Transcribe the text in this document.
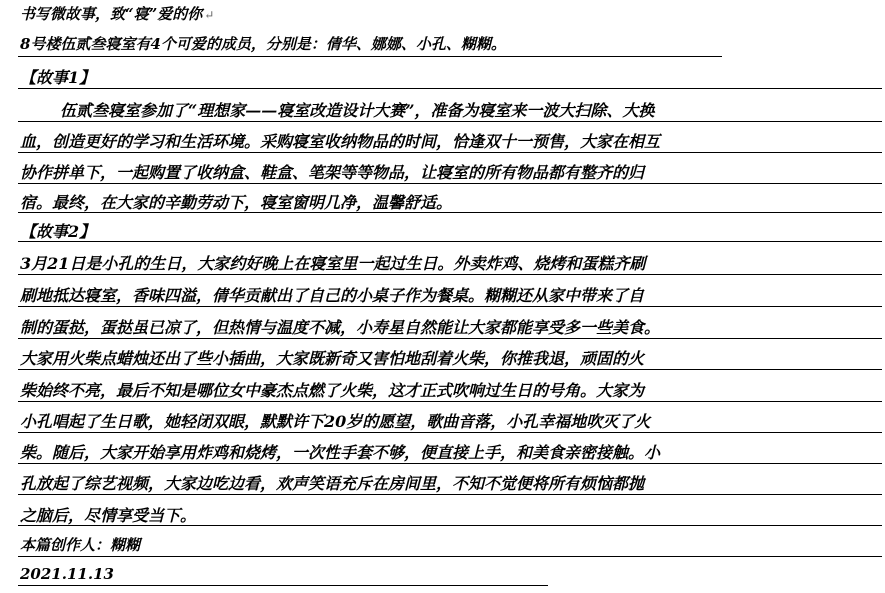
书写微故事，致“寝”爱的你 ↵
8号楼伍贰叁寝室有4个可爱的成员，分别是：倩华、娜娜、小孔、糊糊。
【故事1】
伍贰叁寝室参加了“理想家——寝室改造设计大赛”，准备为寝室来一波大扫除、大换
血，创造更好的学习和生活环境。采购寝室收纳物品的时间，恰逢双十一预售，大家在相互
协作拼单下，一起购置了收纳盒、鞋盒、笔架等等物品，让寝室的所有物品都有整齐的归
宿。最终，在大家的辛勤劳动下，寝室窗明几净，温馨舒适。
【故事2】
3月21日是小孔的生日，大家约好晚上在寝室里一起过生日。外卖炸鸡、烧烤和蛋糕齐刷
刷地抵达寝室，香味四溢，倩华贡献出了自己的小桌子作为餐桌。糊糊还从家中带来了自
制的蛋挞，蛋挞虽已凉了，但热情与温度不减，小寿星自然能让大家都能享受多一些美食。
大家用火柴点蜡烛还出了些小插曲，大家既新奇又害怕地刮着火柴，你推我退，顽固的火
柴始终不亮，最后不知是哪位女中豪杰点燃了火柴，这才正式吹响过生日的号角。大家为
小孔唱起了生日歌，她轻闭双眼，默默许下20岁的愿望，歌曲音落，小孔幸福地吹灭了火
柴。随后，大家开始享用炸鸡和烧烤，一次性手套不够，便直接上手，和美食亲密接触。小
孔放起了综艺视频，大家边吃边看，欢声笑语充斥在房间里，不知不觉便将所有烦恼都抛
之脑后，尽情享受当下。
本篇创作人：糊糊
2021.11.13
